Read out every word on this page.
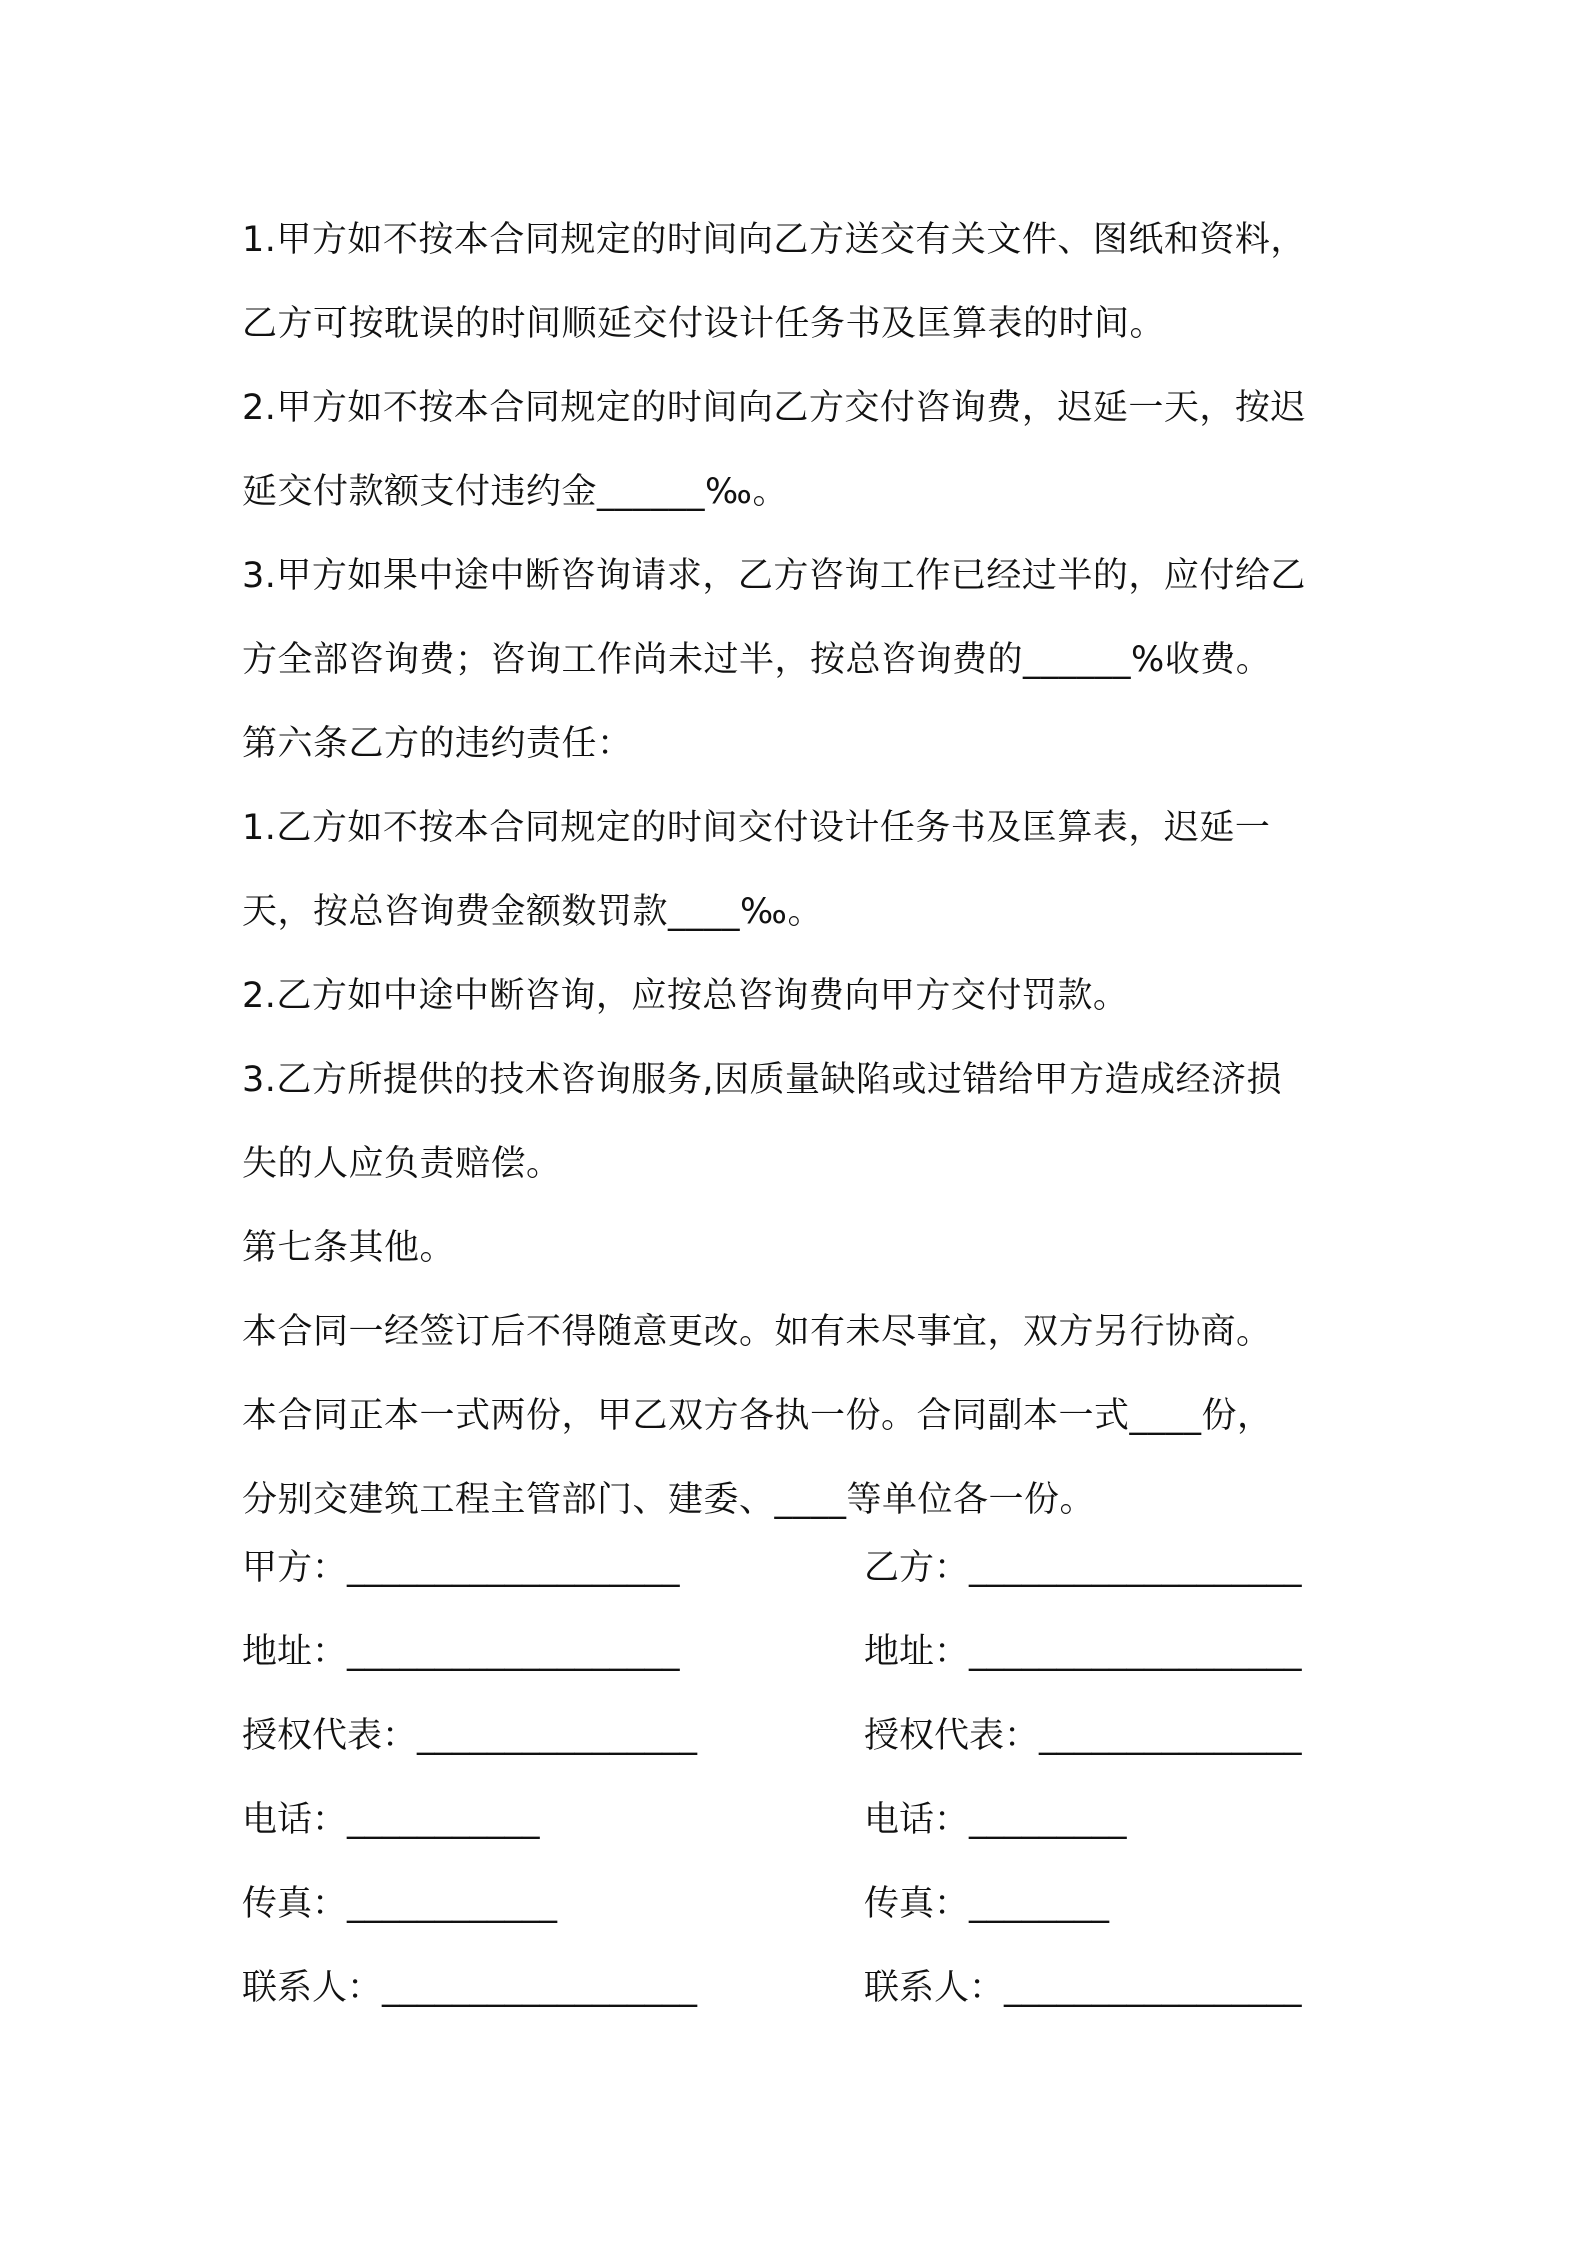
1.甲方如不按本合同规定的时间向乙方送交有关文件、图纸和资料，
乙方可按耽误的时间顺延交付设计任务书及匡算表的时间。
2.甲方如不按本合同规定的时间向乙方交付咨询费，迟延一天，按迟
延交付款额支付违约金______‰。
3.甲方如果中途中断咨询请求，乙方咨询工作已经过半的，应付给乙
方全部咨询费；咨询工作尚未过半，按总咨询费的______%收费。
第六条乙方的违约责任：
1.乙方如不按本合同规定的时间交付设计任务书及匡算表，迟延一
天，按总咨询费金额数罚款____‰。
2.乙方如中途中断咨询，应按总咨询费向甲方交付罚款。
3.乙方所提供的技术咨询服务,因质量缺陷或过错给甲方造成经济损
失的人应负责赔偿。
第七条其他。
本合同一经签订后不得随意更改。如有未尽事宜，双方另行协商。
本合同正本一式两份，甲乙双方各执一份。合同副本一式____份，
分别交建筑工程主管部门、建委、____等单位各一份。
甲方：___________________	乙方：___________________
地址：___________________	地址：___________________
授权代表：________________	授权代表：_______________
电话：___________	电话：_________
传真：____________	传真：________
联系人：__________________	联系人：_________________
